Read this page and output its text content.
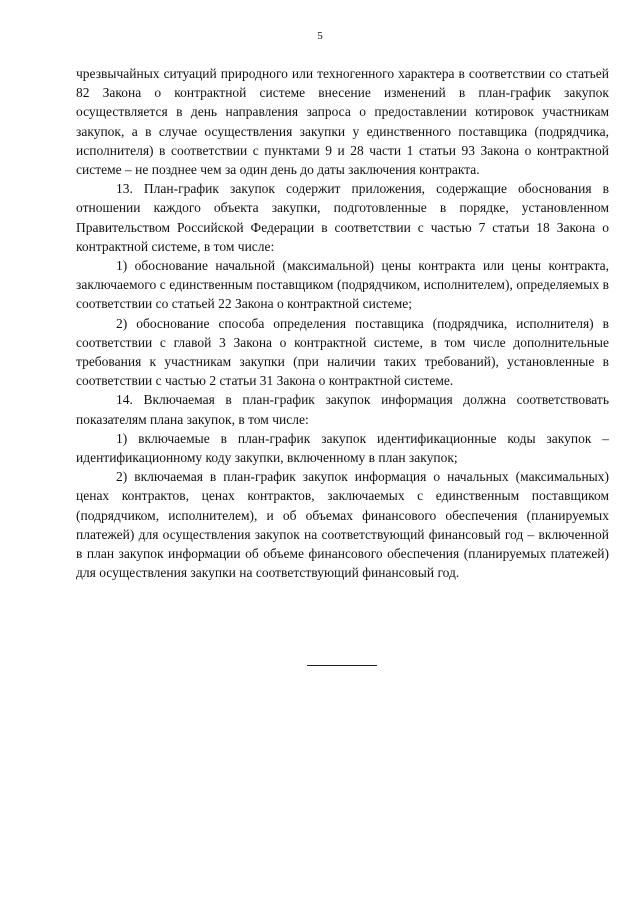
5

чрезвычайных ситуаций природного или техногенного характера в соответствии со статьей 82 Закона о контрактной системе внесение изменений в план-график закупок осуществляется в день направления запроса о предоставлении котировок участникам закупок, а в случае осуществления закупки у единственного поставщика (подрядчика, исполнителя) в соответствии с пунктами 9 и 28 части 1 статьи 93 Закона о контрактной системе – не позднее чем за один день до даты заключения контракта.

13. План-график закупок содержит приложения, содержащие обоснования в отношении каждого объекта закупки, подготовленные в порядке, установленном Правительством Российской Федерации в соответствии с частью 7 статьи 18 Закона о контрактной системе, в том числе:

1) обоснование начальной (максимальной) цены контракта или цены контракта, заключаемого с единственным поставщиком (подрядчиком, исполнителем), определяемых в соответствии со статьей 22 Закона о контрактной системе;

2) обоснование способа определения поставщика (подрядчика, исполнителя) в соответствии с главой 3 Закона о контрактной системе, в том числе дополнительные требования к участникам закупки (при наличии таких требований), установленные в соответствии с частью 2 статьи 31 Закона о контрактной системе.

14. Включаемая в план-график закупок информация должна соответствовать показателям плана закупок, в том числе:

1) включаемые в план-график закупок идентификационные коды закупок – идентификационному коду закупки, включенному в план закупок;

2) включаемая в план-график закупок информация о начальных (максимальных) ценах контрактов, ценах контрактов, заключаемых с единственным поставщиком (подрядчиком, исполнителем), и об объемах финансового обеспечения (планируемых платежей) для осуществления закупок на соответствующий финансовый год – включенной в план закупок информации об объеме финансового обеспечения (планируемых платежей) для осуществления закупки на соответствующий финансовый год.
